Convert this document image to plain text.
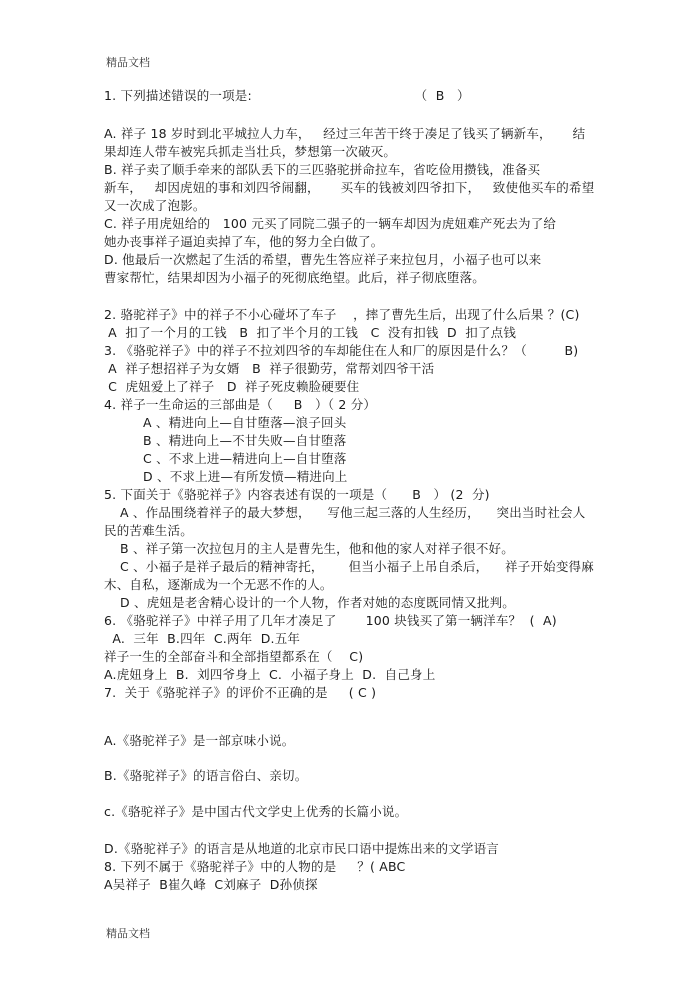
精品文档
1. 下列描述错误的一项是:                                       （  B   ）
A. 祥子 18 岁时到北平城拉人力车，   经过三年苦干终于凑足了钱买了辆新车，     结
果却连人带车被宪兵抓走当壮兵，梦想第一次破灭。
B. 祥子卖了顺手牵来的部队丢下的三匹骆驼拼命拉车，省吃俭用攒钱，准备买
新车，   却因虎妞的事和刘四爷闹翻，     买车的钱被刘四爷扣下，   致使他买车的希望
又一次成了泡影。
C. 祥子用虎妞给的   100 元买了同院二强子的一辆车却因为虎妞难产死去为了给
她办丧事祥子逼迫卖掉了车，他的努力全白做了。
D. 他最后一次燃起了生活的希望，曹先生答应祥子来拉包月，小福子也可以来
曹家帮忙，结果却因为小福子的死彻底绝望。此后，祥子彻底堕落。
2. 骆驼祥子》中的祥子不小心碰坏了车子    ，摔了曹先生后，出现了什么后果 ？(C)
A  扣了一个月的工钱   B  扣了半个月的工钱   C  没有扣钱  D  扣了点钱
3. 《骆驼祥子》中的祥子不拉刘四爷的车却能住在人和厂的原因是什么？（         B)
A  祥子想招祥子为女婿   B  祥子很勤劳，常帮刘四爷干活
C  虎妞爱上了祥子   D  祥子死皮赖脸硬要住
4. 祥子一生命运的三部曲是（     B   ）（ 2 分）
A 、精进向上—自甘堕落—浪子回头
B 、精进向上—不甘失败—自甘堕落
C 、不求上进—精进向上—自甘堕落
D 、不求上进—有所发愤—精进向上
5. 下面关于《骆驼祥子》内容表述有误的一项是（      B   ） (2  分)
A 、作品围绕着祥子的最大梦想，    写他三起三落的人生经历，    突出当时社会人
民的苦难生活。
B 、祥子第一次拉包月的主人是曹先生，他和他的家人对祥子很不好。
C 、小福子是祥子最后的精神寄托，      但当小福子上吊自杀后，    祥子开始变得麻
木、自私，逐渐成为一个无恶不作的人。
D 、虎妞是老舍精心设计的一个人物，作者对她的态度既同情又批判。
6. 《骆驼祥子》中祥子用了几年才凑足了       100 块钱买了第一辆洋车？  (  A)
A.  三年  B.四年  C.两年  D.五年
祥子一生的全部奋斗和全部指望都系在（    C)
A.虎妞身上  B.  刘四爷身上  C.  小福子身上  D.  自己身上
7.  关于《骆驼祥子》的评价不正确的是     ( C )
A.《骆驼祥子》是一部京味小说。
B.《骆驼祥子》的语言俗白、亲切。
c.《骆驼祥子》是中国古代文学史上优秀的长篇小说。
D.《骆驼祥子》的语言是从地道的北京市民口语中提炼出来的文学语言
8. 下列不属于《骆驼祥子》中的人物的是     ？( ABC
A吴祥子  B崔久峰  C刘麻子  D孙侦探
精品文档
